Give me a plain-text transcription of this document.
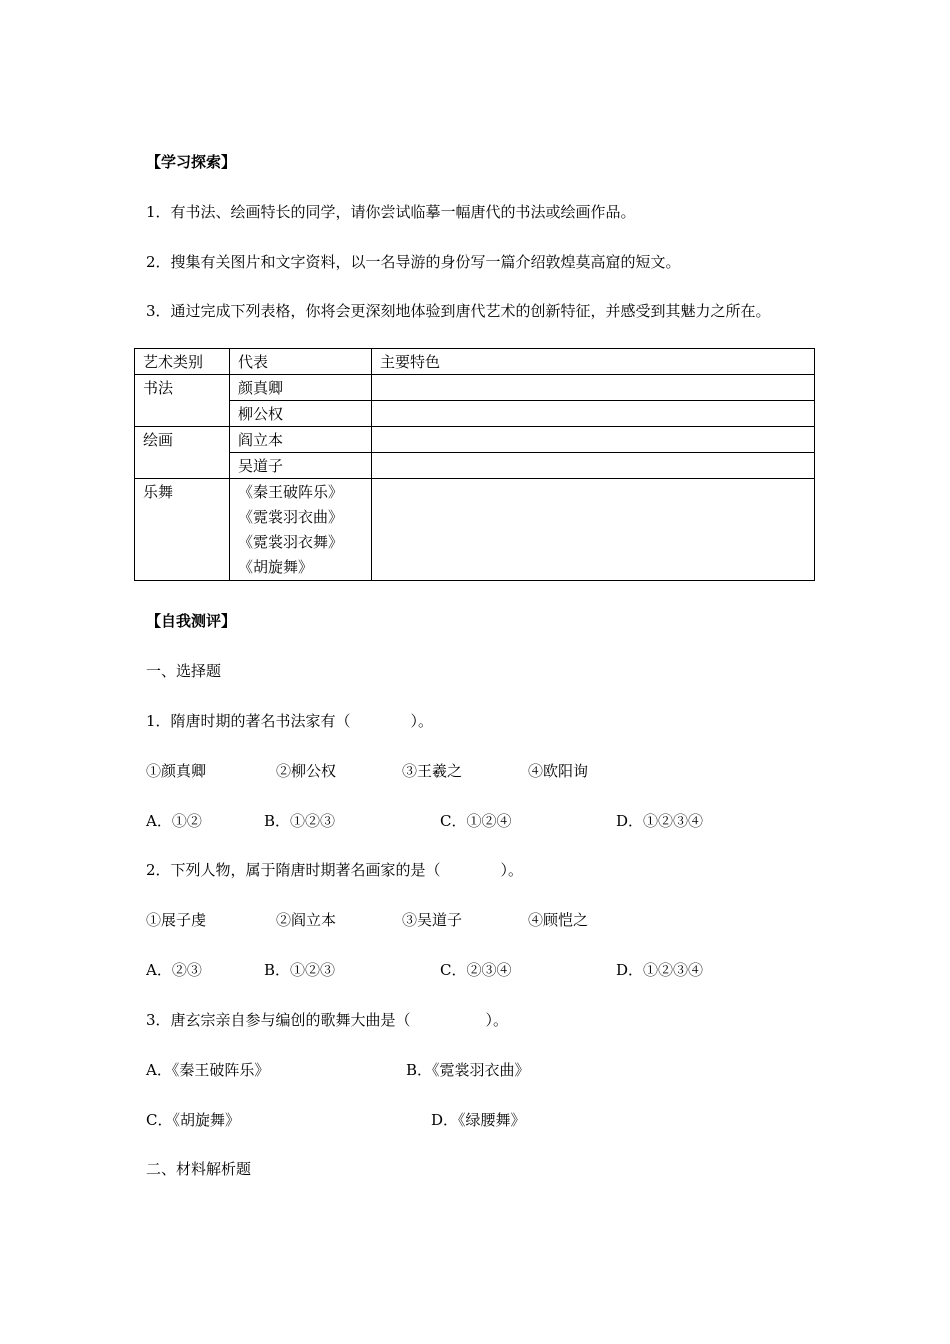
【学习探索】
1．有书法、绘画特长的同学，请你尝试临摹一幅唐代的书法或绘画作品。
2．搜集有关图片和文字资料，以一名导游的身份写一篇介绍敦煌莫高窟的短文。
3．通过完成下列表格，你将会更深刻地体验到唐代艺术的创新特征，并感受到其魅力之所在。
艺术类别	代表	主要特色
书法	颜真卿	
	柳公权	
绘画	阎立本	
	吴道子	
乐舞	《秦王破阵乐》
《霓裳羽衣曲》
《霓裳羽衣舞》
《胡旋舞》	

【自我测评】
一、选择题
1．隋唐时期的著名书法家有（　　　　）。
①颜真卿	②柳公权	③王羲之	④欧阳询
A．①②	B．①②③	C．①②④	D．①②③④
2．下列人物，属于隋唐时期著名画家的是（　　　　）。
①展子虔	②阎立本	③吴道子	④顾恺之
A．②③	B．①②③	C．②③④	D．①②③④
3．唐玄宗亲自参与编创的歌舞大曲是（　　　　　）。
A．《秦王破阵乐》	B．《霓裳羽衣曲》
C．《胡旋舞》	D．《绿腰舞》
二、材料解析题
